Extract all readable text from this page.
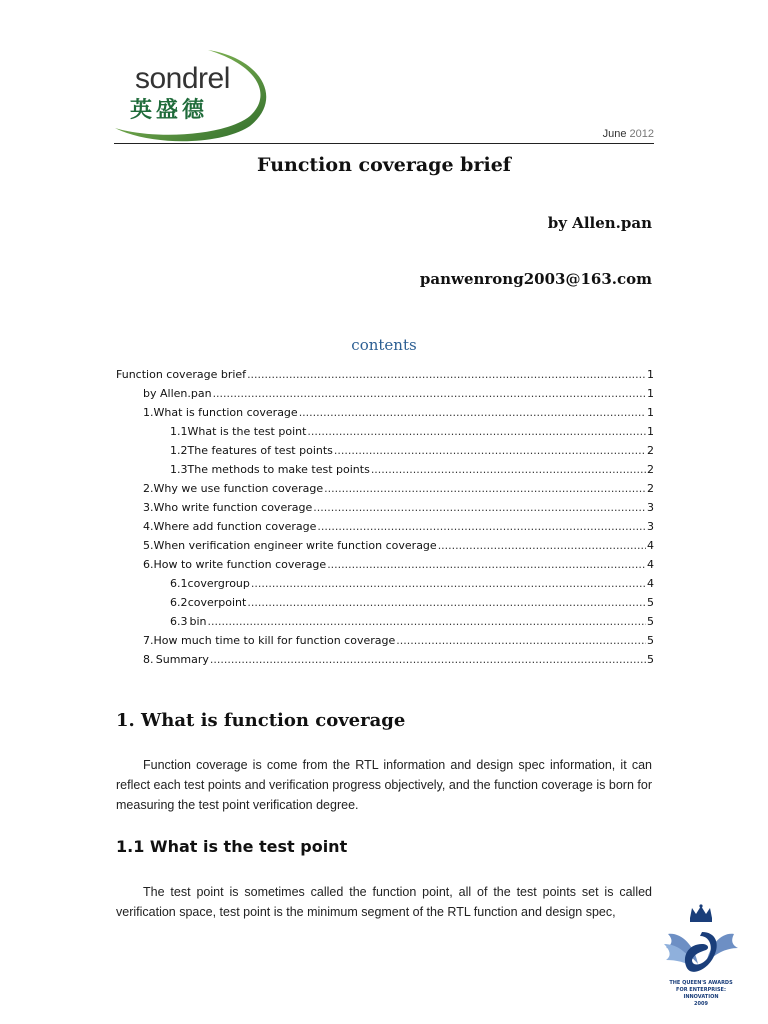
sondrel
英盛德
June 2012
Function coverage brief
by Allen.pan
panwenrong2003@163.com
contents
Function coverage brief .....	1
by Allen.pan .....	1
1. What is function coverage .....	1
1.1 What is the test point .....	1
1.2 The features of test points .....	2
1.3 The methods to make test points .....	2
2. Why we use function coverage .....	2
3. Who write function coverage .....	3
4. Where add function coverage .....	3
5. When verification engineer write function coverage .....	4
6. How to write function coverage .....	4
6.1 covergroup .....	4
6.2 coverpoint .....	5
6.3 bin .....	5
7. How much time to kill for function coverage .....	5
8. Summary .....	5
1. What is function coverage
Function coverage is come from the RTL information and design spec information, it can reflect each test points and verification progress objectively, and the function coverage is born for measuring the test point verification degree.
1.1 What is the test point
The test point is sometimes called the function point, all of the test points set is called verification space, test point is the minimum segment of the RTL function and design spec,
THE QUEEN'S AWARDS
FOR ENTERPRISE:
INNOVATION
2009
